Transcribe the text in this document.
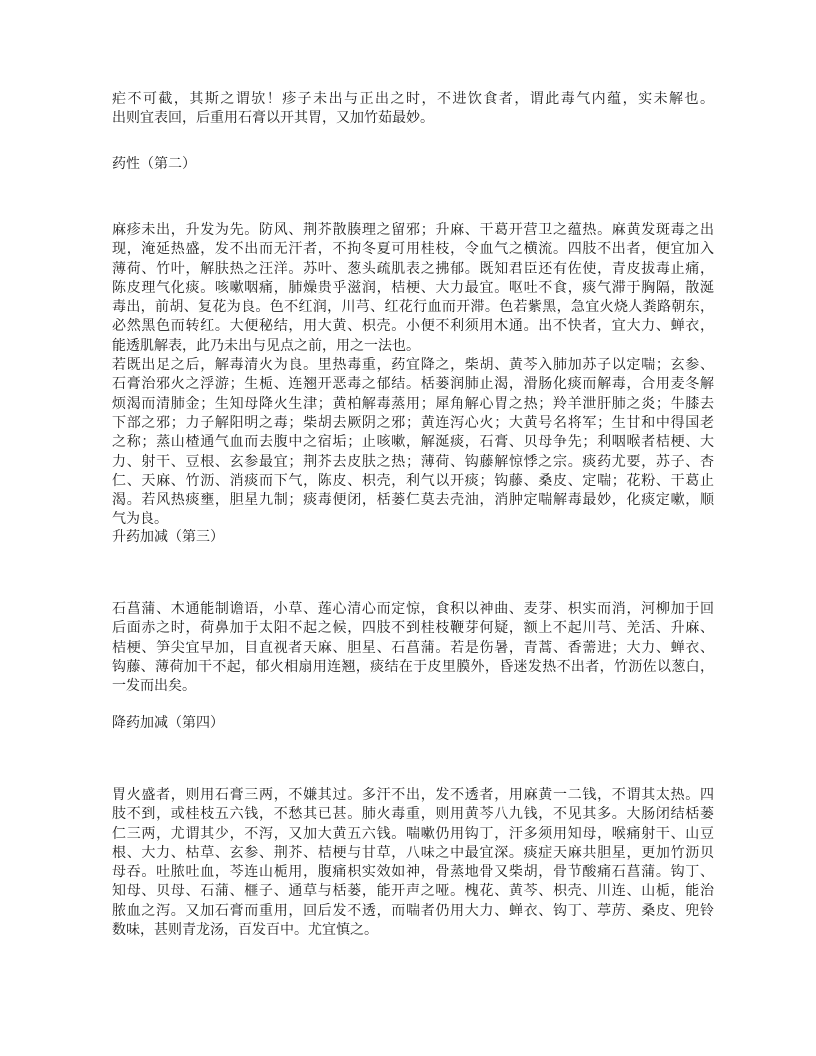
疟不可截，其斯之谓欤！疹子未出与正出之时，不进饮食者，谓此毒气内蕴，实未解也。
出则宜表回，后重用石膏以开其胃，又加竹茹最妙。
药性（第二）
麻疹未出，升发为先。防风、荆芥散腠理之留邪；升麻、干葛开营卫之蕴热。麻黄发斑毒之出
现，淹延热盛，发不出而无汗者，不拘冬夏可用桂枝，令血气之横流。四肢不出者，便宜加入
薄荷、竹叶，解肤热之汪洋。苏叶、葱头疏肌表之拂郁。既知君臣还有佐使，青皮拔毒止痛，
陈皮理气化痰。咳嗽咽痛，肺燥贵乎滋润，桔梗、大力最宜。呕吐不食，痰气滞于胸隔，散涎
毒出，前胡、复花为良。色不红润，川芎、红花行血而开滞。色若紫黑，急宜火烧人粪路朝东，
必然黑色而转红。大便秘结，用大黄、枳壳。小便不利须用木通。出不快者，宜大力、蝉衣，
能透肌解表，此乃未出与见点之前，用之一法也。
若既出足之后，解毒清火为良。里热毒重，药宜降之，柴胡、黄芩入肺加苏子以定喘；玄参、
石膏治邪火之浮游；生栀、连翘开恶毒之郁结。栝蒌润肺止渴，滑肠化痰而解毒，合用麦冬解
烦渴而清肺金；生知母降火生津；黄柏解毒蒸用；犀角解心胃之热；羚羊泄肝肺之炎；牛膝去
下部之邪；力子解阳明之毒；柴胡去厥阴之邪；黄连泻心火；大黄号名将军；生甘和中得国老
之称；蒸山楂通气血而去腹中之宿垢；止咳嗽，解涎痰，石膏、贝母争先；利咽喉者桔梗、大
力、射干、豆根、玄参最宜；荆芥去皮肤之热；薄荷、钩藤解惊悸之宗。痰药尤要，苏子、杏
仁、天麻、竹沥、消痰而下气，陈皮、枳壳，利气以开痰；钩藤、桑皮、定喘；花粉、干葛止
渴。若风热痰壅，胆星九制；痰毒便闭，栝蒌仁莫去壳油，消肿定喘解毒最妙，化痰定嗽，顺
气为良。
升药加减（第三）
石菖蒲、木通能制谵语，小草、莲心清心而定惊，食积以神曲、麦芽、枳实而消，河柳加于回
后面赤之时，荷鼻加于太阳不起之候，四肢不到桂枝鞭芽何疑，额上不起川芎、羌活、升麻、
桔梗、笋尖宜早加，目直视者天麻、胆星、石菖蒲。若是伤暑，青蒿、香薷进；大力、蝉衣、
钩藤、薄荷加干不起，郁火相扇用连翘，痰结在于皮里膜外，昏迷发热不出者，竹沥佐以葱白，
一发而出矣。
降药加减（第四）
胃火盛者，则用石膏三两，不嫌其过。多汗不出，发不透者，用麻黄一二钱，不谓其太热。四
肢不到，或桂枝五六钱，不愁其已甚。肺火毒重，则用黄芩八九钱，不见其多。大肠闭结栝蒌
仁三两，尤谓其少，不泻，又加大黄五六钱。喘嗽仍用钩丁，汗多须用知母，喉痛射干、山豆
根、大力、枯草、玄参、荆芥、桔梗与甘草，八味之中最宜深。痰症天麻共胆星，更加竹沥贝
母吞。吐脓吐血，芩连山栀用，腹痛枳实效如神，骨蒸地骨又柴胡，骨节酸痛石菖蒲。钩丁、
知母、贝母、石蒲、榧子、通草与栝蒌，能开声之哑。槐花、黄芩、枳壳、川连、山栀，能治
脓血之泻。又加石膏而重用，回后发不透，而喘者仍用大力、蝉衣、钩丁、葶苈、桑皮、兜铃
数味，甚则青龙汤，百发百中。尤宜慎之。
